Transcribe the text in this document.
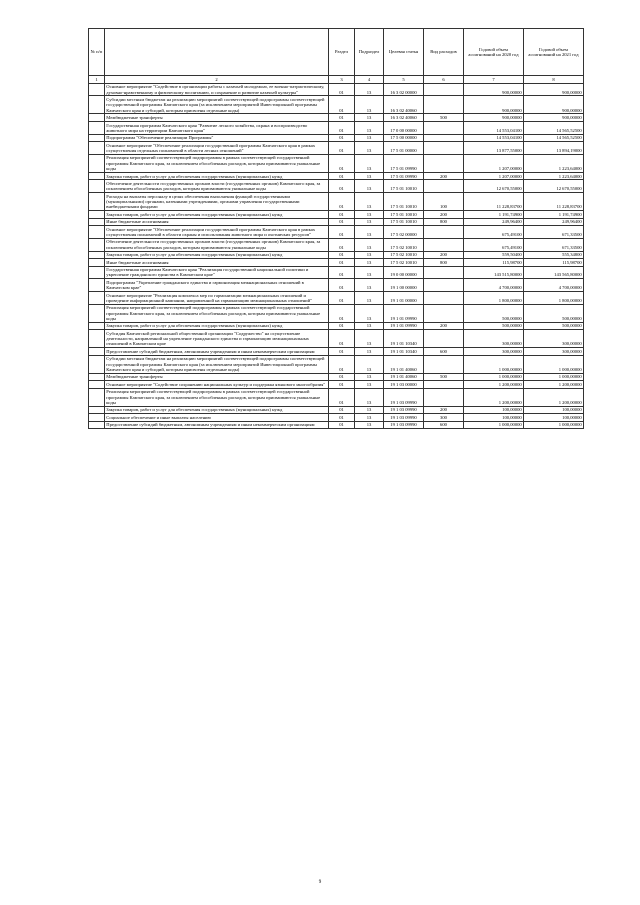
№ п/п		Раздел	Подраздел	Целевая статья	Вид расходов	Годовой объем ассигнований на 2020 год	Годовой объем ассигнований на 2021 год
1	2	3	4	5	6	7	8
	Основное мероприятие "Содействие в организации работы с казачьей молодежью, ее военно-патриотическому, духовно-нравственному и физическому воспитанию, и сохранение и развитие казачьей культуры"	01	13	16 3 02 00000		900,00000	900,00000
	Субсидии местным бюджетам на реализацию мероприятий соответствующей подпрограммы соответствующей государственной программы Камчатского края (за исключением мероприятий Инвестиционной программы Камчатского края и субсидий, которым присвоены отдельные коды)	01	13	16 3 02 40060		900,00000	900,00000
	Межбюджетные трансферты	01	13	16 3 02 40060	500	900,00000	900,00000
	Государственная программа Камчатского края "Развитие лесного хозяйства, охрана и воспроизводство животного мира на территории Камчатского края"	01	13	17 0 00 00000		14 553,04100	14 565,52500
	Подпрограмма "Обеспечение реализации Программы"	01	13	17 5 00 00000		14 553,04100	14 565,52500
	Основное мероприятие "Обеспечение реализации государственной программы Камчатского края в рамках осуществления отдельных полномочий в области лесных отношений"	01	13	17 5 01 00000		13 877,55000	13 894,19000
	Реализация мероприятий соответствующей подпрограммы в рамках соответствующей государственной программы Камчатского края, за исключением обособленных расходов, которым присваиваются уникальные коды	01	13	17 5 01 09990		1 207,00000	1 223,64000
	Закупка товаров, работ и услуг для обеспечения государственных (муниципальных) нужд	01	13	17 5 01 09990	200	1 207,00000	1 223,64000
	Обеспечение деятельности государственных органов власти (государственных органов) Камчатского края, за исключением обособленных расходов, которым присваиваются уникальные коды	01	13	17 5 01 10010		12 670,55000	12 670,55000
	Расходы на выплаты персоналу в целях обеспечения выполнения функций государственными (муниципальными) органами, казенными учреждениями, органами управления государственными внебюджетными фондами	01	13	17 5 01 10010	100	11 228,83700	11 228,83700
	Закупка товаров, работ и услуг для обеспечения государственных (муниципальных) нужд	01	13	17 5 01 10010	200	1 191,74900	1 191,74900
	Иные бюджетные ассигнования	01	13	17 5 01 10010	800	249,96400	249,96400
	Основное мероприятие "Обеспечение реализации государственной программы Камчатского края в рамках осуществления полномочий в области охраны и использования животного мира и охотничьих ресурсов"	01	13	17 5 02 00000		675,49100	671,33500
	Обеспечение деятельности государственных органов власти (государственных органов) Камчатского края, за исключением обособленных расходов, которым присваиваются уникальные коды	01	13	17 5 02 10010		675,49100	671,33500
	Закупка товаров, работ и услуг для обеспечения государственных (муниципальных) нужд	01	13	17 5 02 10010	200	559,50400	555,34800
	Иные бюджетные ассигнования	01	13	17 5 02 10010	800	115,98700	115,98700
	Государственная программа Камчатского края "Реализация государственной национальной политики и укрепление гражданского единства в Камчатском крае"	01	13	19 0 00 00000		143 515,80000	143 565,80000
	Подпрограмма "Укрепление гражданского единства и гармонизация межнациональных отношений в Камчатском крае"	01	13	19 1 00 00000		4 700,00000	4 700,00000
	Основное мероприятие "Реализация комплекса мер по гармонизации межнациональных отношений и проведение информационной кампании, направленной на гармонизацию межнациональных отношений"	01	13	19 1 01 00000		1 800,00000	1 800,00000
	Реализация мероприятий соответствующей подпрограммы в рамках соответствующей государственной программы Камчатского края, за исключением обособленных расходов, которым присваиваются уникальные коды	01	13	19 1 01 09990		500,00000	500,00000
	Закупка товаров, работ и услуг для обеспечения государственных (муниципальных) нужд	01	13	19 1 01 09990	200	500,00000	500,00000
	Субсидия Камчатской региональной общественной организации "Содружество" на осуществление деятельности, направленной на укрепление гражданского единства и гармонизацию межнациональных отношений в Камчатском крае	01	13	19 1 01 10340		300,00000	300,00000
	Предоставление субсидий бюджетным, автономным учреждениям и иным некоммерческим организациям	01	13	19 1 01 10340	600	300,00000	300,00000
	Субсидии местным бюджетам на реализацию мероприятий соответствующей подпрограммы соответствующей государственной программы Камчатского края (за исключением мероприятий Инвестиционной программы Камчатского края и субсидий, которым присвоены отдельные коды)	01	13	19 1 01 40060		1 000,00000	1 000,00000
	Межбюджетные трансферты	01	13	19 1 01 40060	500	1 000,00000	1 000,00000
	Основное мероприятие "Содействие сохранению национальных культур и поддержка языкового многообразия"	01	13	19 1 03 00000		1 200,00000	1 200,00000
	Реализация мероприятий соответствующей подпрограммы в рамках соответствующей государственной программы Камчатского края, за исключением обособленных расходов, которым присваиваются уникальные коды	01	13	19 1 03 09990		1 200,00000	1 200,00000
	Закупка товаров, работ и услуг для обеспечения государственных (муниципальных) нужд	01	13	19 1 03 09990	200	100,00000	100,00000
	Социальное обеспечение и иные выплаты населению	01	13	19 1 03 09990	300	100,00000	100,00000
	Предоставление субсидий бюджетным, автономным учреждениям и иным некоммерческим организациям	01	13	19 1 03 09990	600	1 000,00000	1 000,00000
9
